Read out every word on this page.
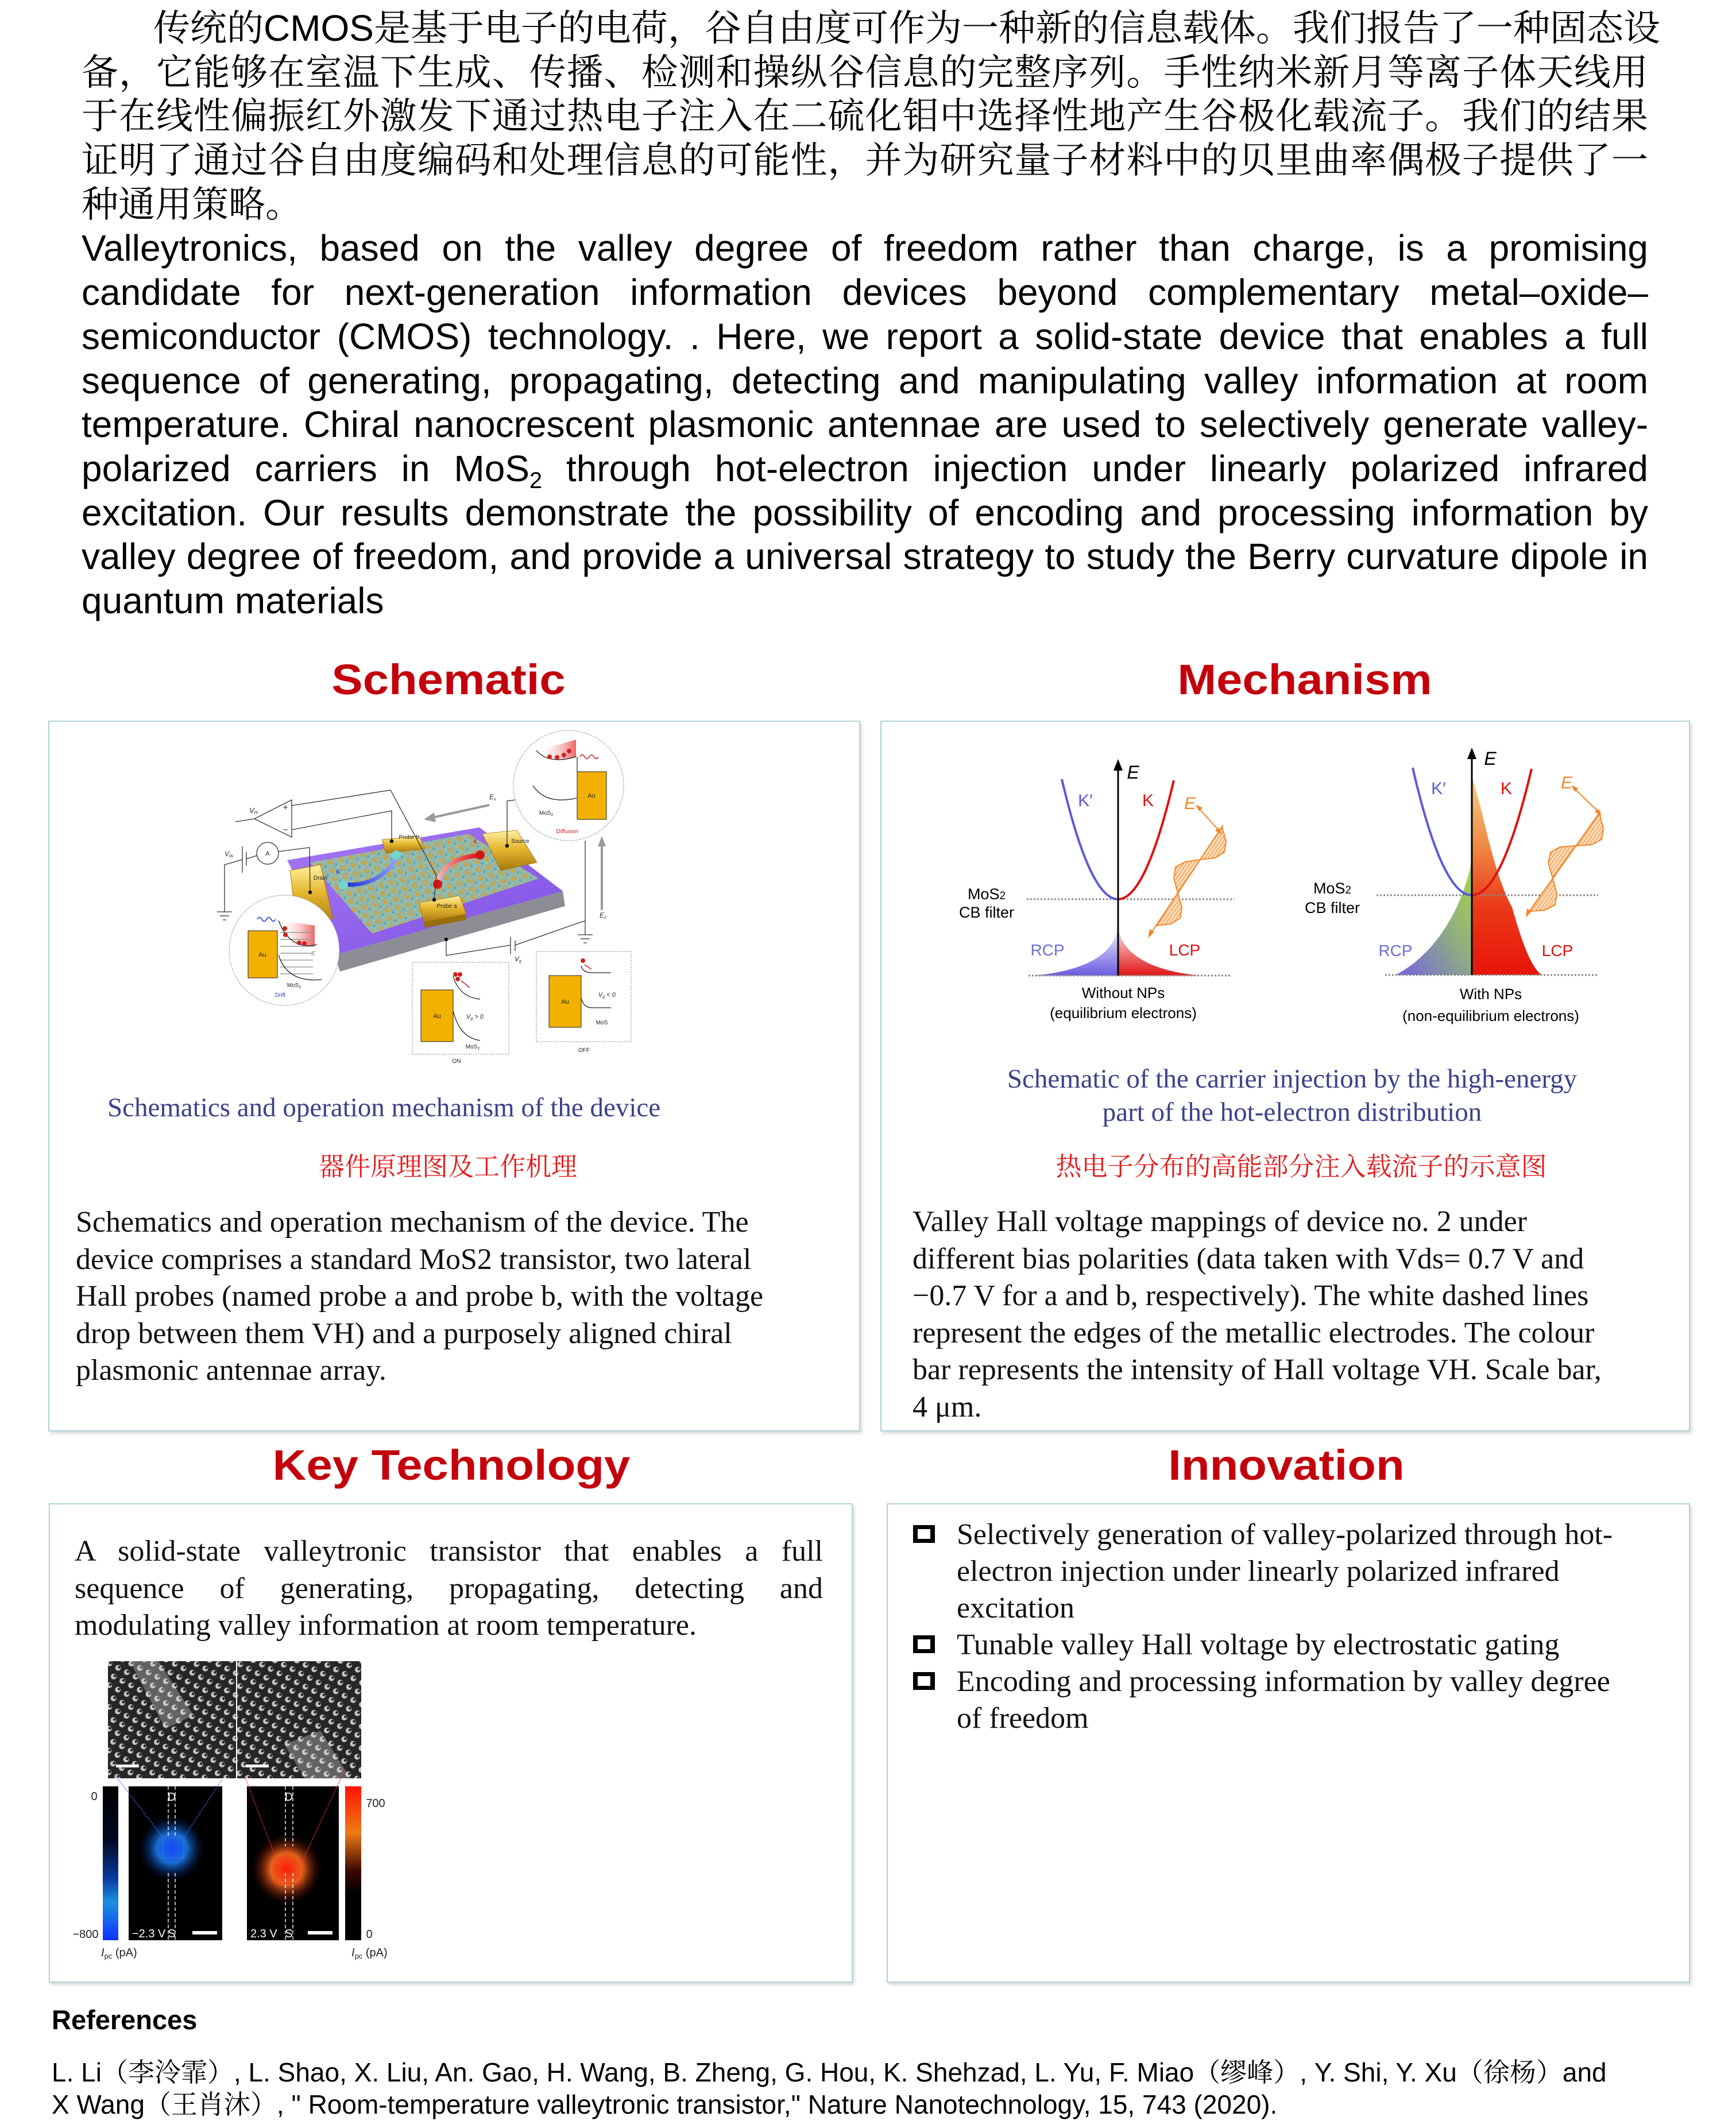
传统的CMOS是基于电子的电荷，谷自由度可作为一种新的信息载体。我们报告了一种固态设
备，它能够在室温下生成、传播、检测和操纵谷信息的完整序列。手性纳米新月等离子体天线用
于在线性偏振红外激发下通过热电子注入在二硫化钼中选择性地产生谷极化载流子。我们的结果
证明了通过谷自由度编码和处理信息的可能性，并为研究量子材料中的贝里曲率偶极子提供了一
种通用策略。
Valleytronics, based on the valley degree of freedom rather than charge, is a promising
candidate for next-generation information devices beyond complementary metal–oxide–
semiconductor (CMOS) technology. . Here, we report a solid-state device that enables a full
sequence of generating, propagating, detecting and manipulating valley information at room
temperature. Chiral nanocrescent plasmonic antennae are used to selectively generate valley-
polarized carriers in MoS$_2$ through hot-electron injection under linearly polarized infrared
excitation. Our results demonstrate the possibility of encoding and processing information by
valley degree of freedom, and provide a universal strategy to study the Berry curvature dipole in
quantum materials
Schematic	Mechanism
Key Technology	Innovation
K′
K
Drain
Probe b
Source
Probe a
VH
+
−
Vds	A
Ex
Ez
Vg
Au	E
MoS$_2$
Drift
Au
MoS$_2$
Diffusion
Au	Vg > 0
MoS$_2$
ON
Au
Vg < 0
MoS
OFF
Schematics and operation mechanism of the device
器件原理图及工作机理
Schematics and operation mechanism of the device. The
device comprises a standard MoS2 transistor, two lateral
Hall probes (named probe a and probe b, with the voltage
drop between them VH) and a purposely aligned chiral
plasmonic antennae array.
E
K′	K E
MoS2
CB filter
RCP	LCP
Without NPs
(equilibrium electrons)
E
K′	K	E
MoS2
CB filter
RCP	LCP
With NPs
(non-equilibrium electrons)
Schematic of the carrier injection by the high-energy
part of the hot-electron distribution
热电子分布的高能部分注入载流子的示意图
Valley Hall voltage mappings of device no. 2 under
different bias polarities (data taken with Vds= 0.7 V and
−0.7 V for a and b, respectively). The white dashed lines
represent the edges of the metallic electrodes. The colour
bar represents the intensity of Hall voltage VH. Scale bar,
4 μm.
A solid-state valleytronic transistor that enables a full
sequence of generating, propagating, detecting and
modulating valley information at room temperature.
0
−800
$I_{pc}$ (pA)
−2.3 V S
D
2.3 V S
D	700
0
$I_{pc}$ (pA)
Selectively generation of valley-polarized through hot-
electron injection under linearly polarized infrared
excitation
Tunable valley Hall voltage by electrostatic gating
Encoding and processing information by valley degree
of freedom
References
L. Li（李泠霏）, L. Shao, X. Liu, An. Gao, H. Wang, B. Zheng, G. Hou, K. Shehzad, L. Yu, F. Miao（缪峰）, Y. Shi, Y. Xu（徐杨）and
X Wang（王肖沐）, " Room-temperature valleytronic transistor," Nature Nanotechnology, 15, 743 (2020).
